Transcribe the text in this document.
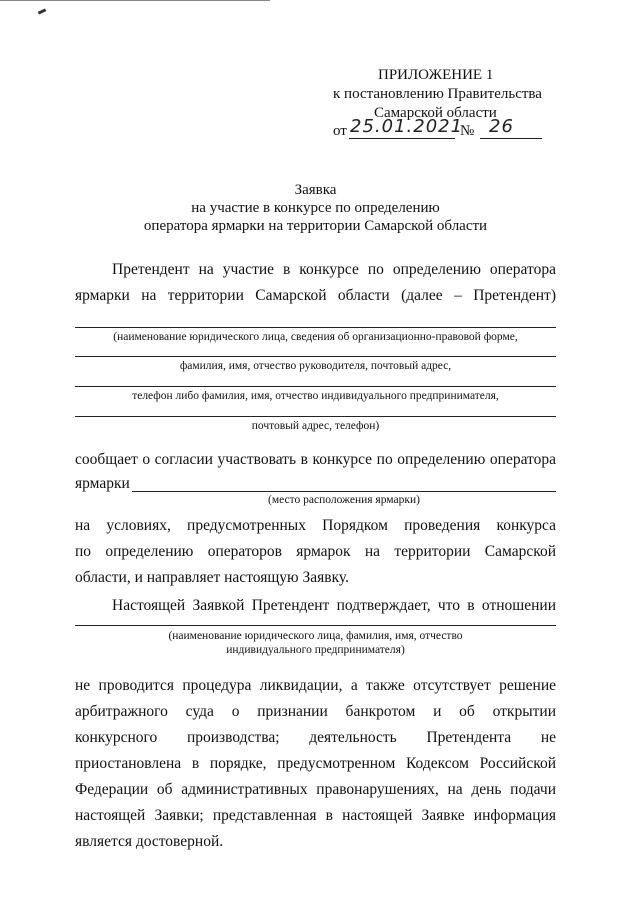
ПРИЛОЖЕНИЕ 1
к постановлению Правительства
Самарской области
от 25.01.2021
№ 26
Заявка
на участие в конкурсе по определению
оператора ярмарки на территории Самарской области
Претендент на участие в конкурсе по определению оператора
ярмарки на территории Самарской области (далее – Претендент)
(наименование юридического лица, сведения об организационно-правовой форме,
фамилия, имя, отчество руководителя, почтовый адрес,
телефон либо фамилия, имя, отчество индивидуального предпринимателя,
почтовый адрес, телефон)
сообщает о согласии участвовать в конкурсе по определению оператора
ярмарки
(место расположения ярмарки)
на условиях, предусмотренных Порядком проведения конкурса
по определению операторов ярмарок на территории Самарской
области, и направляет настоящую Заявку.
Настоящей Заявкой Претендент подтверждает, что в отношении
(наименование юридического лица, фамилия, имя, отчество
индивидуального предпринимателя)
не проводится процедура ликвидации, а также отсутствует решение
арбитражного суда о признании банкротом и об открытии
конкурсного производства; деятельность Претендента не
приостановлена в порядке, предусмотренном Кодексом Российской
Федерации об административных правонарушениях, на день подачи
настоящей Заявки; представленная в настоящей Заявке информация
является достоверной.
